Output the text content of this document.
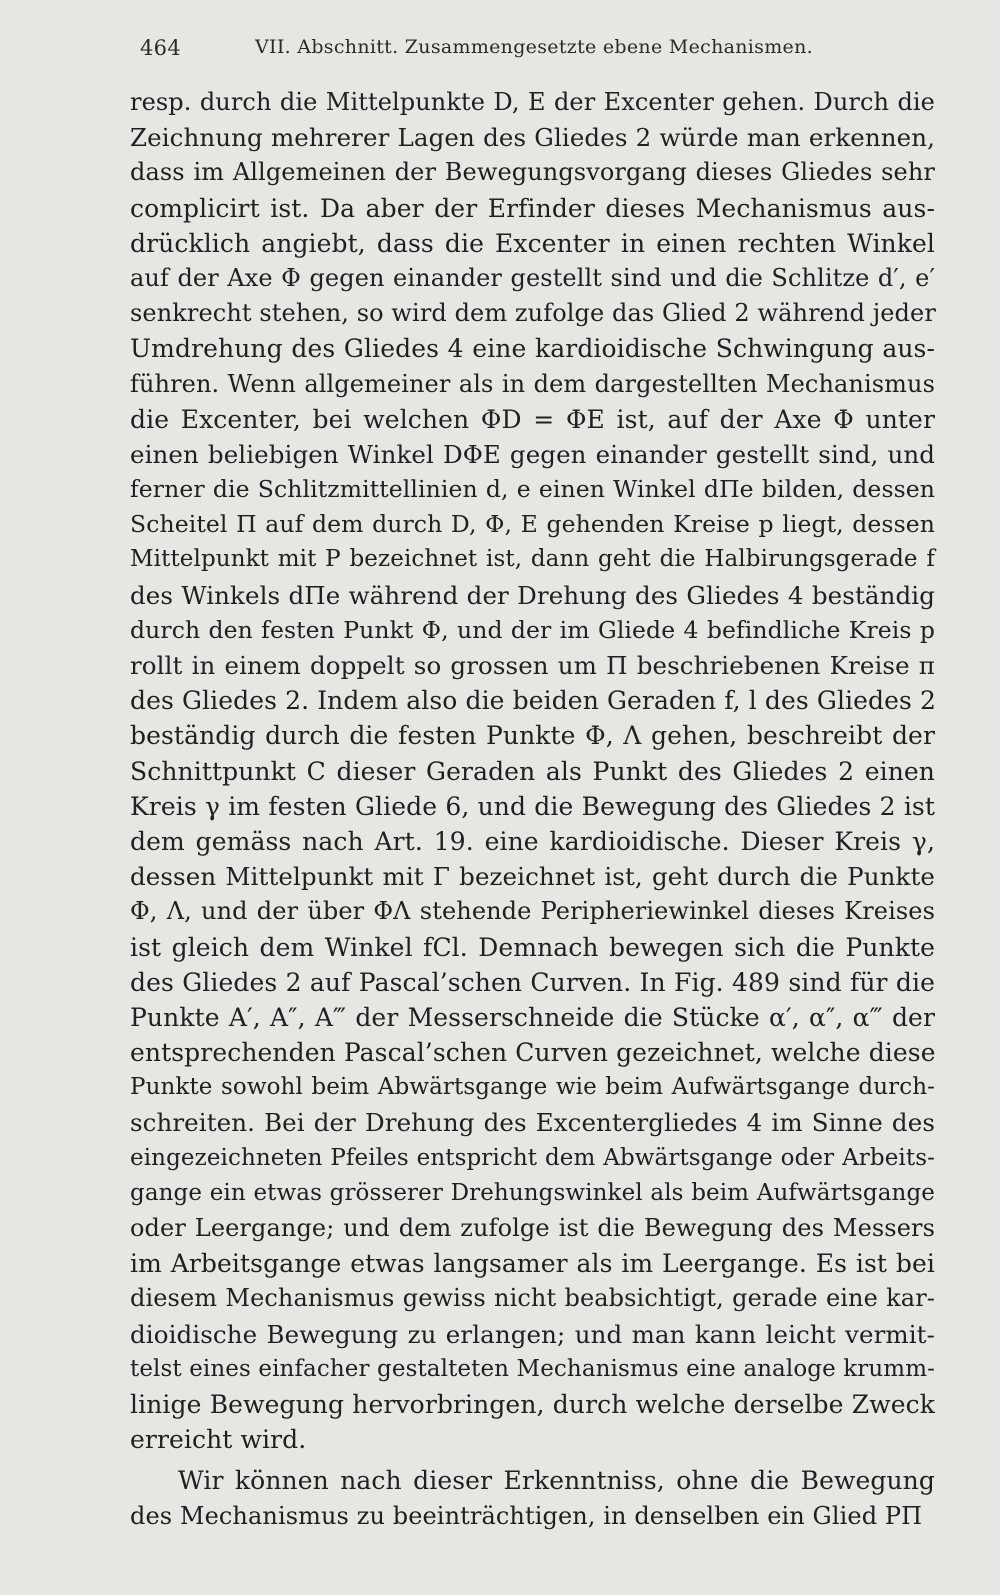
464	VII. Abschnitt. Zusammengesetzte ebene Mechanismen.
resp. durch die Mittelpunkte D, E der Excenter gehen. Durch die
Zeichnung mehrerer Lagen des Gliedes 2 würde man erkennen,
dass im Allgemeinen der Bewegungsvorgang dieses Gliedes sehr
complicirt ist. Da aber der Erfinder dieses Mechanismus aus-
drücklich angiebt, dass die Excenter in einen rechten Winkel
auf der Axe Φ gegen einander gestellt sind und die Schlitze d′, e′
senkrecht stehen, so wird dem zufolge das Glied 2 während jeder
Umdrehung des Gliedes 4 eine kardioidische Schwingung aus-
führen. Wenn allgemeiner als in dem dargestellten Mechanismus
die Excenter, bei welchen ΦD = ΦE ist, auf der Axe Φ unter
einen beliebigen Winkel DΦE gegen einander gestellt sind, und
ferner die Schlitzmittellinien d, e einen Winkel dΠe bilden, dessen
Scheitel Π auf dem durch D, Φ, E gehenden Kreise p liegt, dessen
Mittelpunkt mit P bezeichnet ist, dann geht die Halbirungsgerade f
des Winkels dΠe während der Drehung des Gliedes 4 beständig
durch den festen Punkt Φ, und der im Gliede 4 befindliche Kreis p
rollt in einem doppelt so grossen um Π beschriebenen Kreise π
des Gliedes 2. Indem also die beiden Geraden f, l des Gliedes 2
beständig durch die festen Punkte Φ, Λ gehen, beschreibt der
Schnittpunkt C dieser Geraden als Punkt des Gliedes 2 einen
Kreis γ im festen Gliede 6, und die Bewegung des Gliedes 2 ist
dem gemäss nach Art. 19. eine kardioidische. Dieser Kreis γ,
dessen Mittelpunkt mit Γ bezeichnet ist, geht durch die Punkte
Φ, Λ, und der über ΦΛ stehende Peripheriewinkel dieses Kreises
ist gleich dem Winkel fCl. Demnach bewegen sich die Punkte
des Gliedes 2 auf Pascal’schen Curven. In Fig. 489 sind für die
Punkte A′, A″, A‴ der Messerschneide die Stücke α′, α″, α‴ der
entsprechenden Pascal’schen Curven gezeichnet, welche diese
Punkte sowohl beim Abwärtsgange wie beim Aufwärtsgange durch-
schreiten. Bei der Drehung des Excentergliedes 4 im Sinne des
eingezeichneten Pfeiles entspricht dem Abwärtsgange oder Arbeits-
gange ein etwas grösserer Drehungswinkel als beim Aufwärtsgange
oder Leergange; und dem zufolge ist die Bewegung des Messers
im Arbeitsgange etwas langsamer als im Leergange. Es ist bei
diesem Mechanismus gewiss nicht beabsichtigt, gerade eine kar-
dioidische Bewegung zu erlangen; und man kann leicht vermit-
telst eines einfacher gestalteten Mechanismus eine analoge krumm-
linige Bewegung hervorbringen, durch welche derselbe Zweck
erreicht wird.
Wir können nach dieser Erkenntniss, ohne die Bewegung
des Mechanismus zu beeinträchtigen, in denselben ein Glied PΠ
